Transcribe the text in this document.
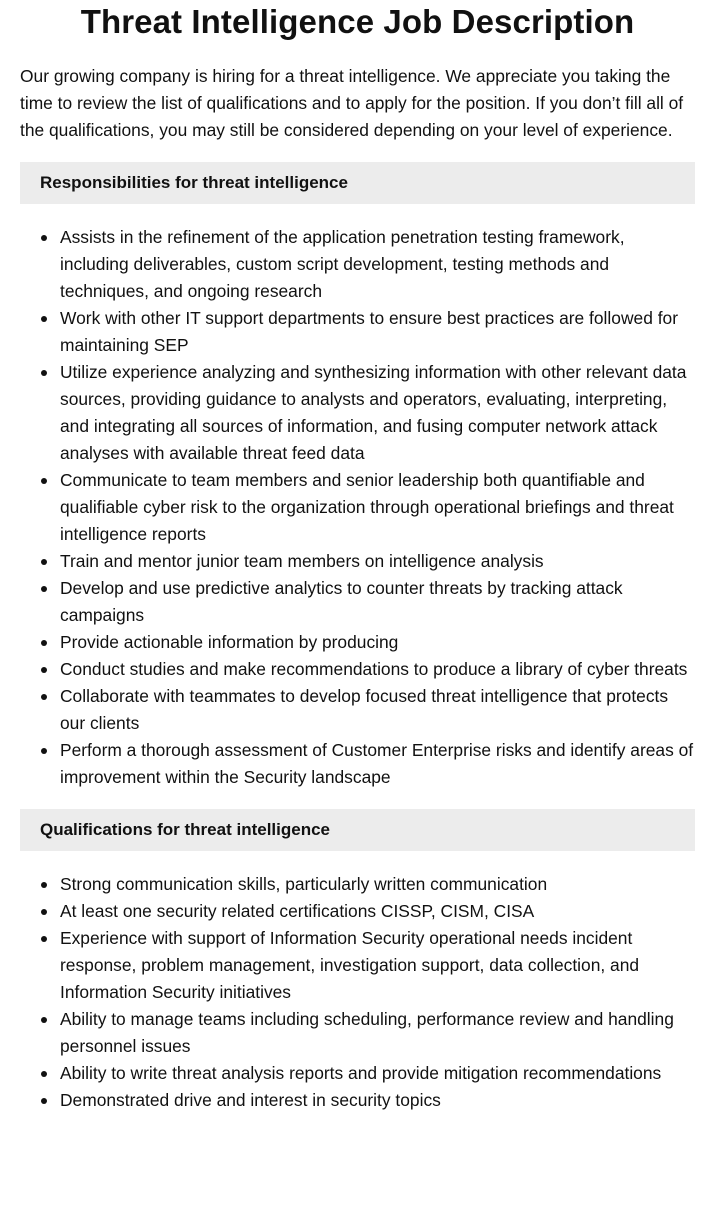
Threat Intelligence Job Description

Our growing company is hiring for a threat intelligence. We appreciate you taking the time to review the list of qualifications and to apply for the position. If you don’t fill all of the qualifications, you may still be considered depending on your level of experience.

Responsibilities for threat intelligence
Assists in the refinement of the application penetration testing framework, including deliverables, custom script development, testing methods and techniques, and ongoing research
Work with other IT support departments to ensure best practices are followed for maintaining SEP
Utilize experience analyzing and synthesizing information with other relevant data sources, providing guidance to analysts and operators, evaluating, interpreting, and integrating all sources of information, and fusing computer network attack analyses with available threat feed data
Communicate to team members and senior leadership both quantifiable and qualifiable cyber risk to the organization through operational briefings and threat intelligence reports
Train and mentor junior team members on intelligence analysis
Develop and use predictive analytics to counter threats by tracking attack campaigns
Provide actionable information by producing
Conduct studies and make recommendations to produce a library of cyber threats
Collaborate with teammates to develop focused threat intelligence that protects our clients
Perform a thorough assessment of Customer Enterprise risks and identify areas of improvement within the Security landscape
Qualifications for threat intelligence
Strong communication skills, particularly written communication
At least one security related certifications CISSP, CISM, CISA
Experience with support of Information Security operational needs incident response, problem management, investigation support, data collection, and Information Security initiatives
Ability to manage teams including scheduling, performance review and handling personnel issues
Ability to write threat analysis reports and provide mitigation recommendations
Demonstrated drive and interest in security topics
